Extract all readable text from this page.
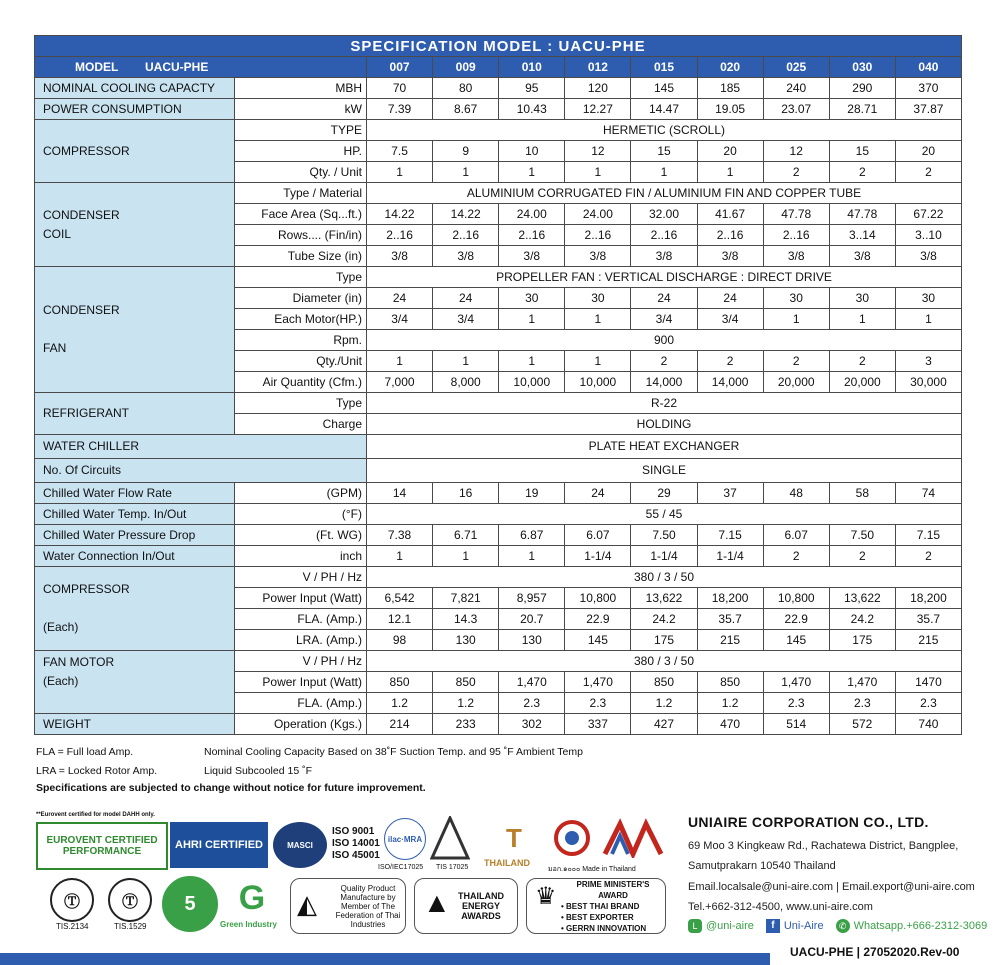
SPECIFICATION MODEL : UACU-PHE										
MODEL UACU-PHE		007	009	010	012	015	020	025	030	040
NOMINAL COOLING CAPACTY	MBH	70	80	95	120	145	185	240	290	370
POWER CONSUMPTION	kW	7.39	8.67	10.43	12.27	14.47	19.05	23.07	28.71	37.87
COMPRESSOR	TYPE	HERMETIC (SCROLL)								
	HP.	7.5	9	10	12	15	20	12	15	20
	Qty. / Unit	1	1	1	1	1	1	2	2	2
CONDENSER
COIL	Type / Material	ALUMINIUM CORRUGATED FIN / ALUMINIUM FIN AND COPPER TUBE								
	Face Area (Sq...ft.)	14.22	14.22	24.00	24.00	32.00	41.67	47.78	47.78	67.22
	Rows.... (Fin/in)	2..16	2..16	2..16	2..16	2..16	2..16	2..16	3..14	3..10
	Tube Size (in)	3/8	3/8	3/8	3/8	3/8	3/8	3/8	3/8	3/8
CONDENSER

FAN	Type	PROPELLER FAN : VERTICAL DISCHARGE : DIRECT DRIVE								
	Diameter (in)	24	24	30	30	24	24	30	30	30
	Each Motor(HP.)	3/4	3/4	1	1	3/4	3/4	1	1	1
	Rpm.	900								
	Qty./Unit	1	1	1	1	2	2	2	2	3
	Air Quantity (Cfm.)	7,000	8,000	10,000	10,000	14,000	14,000	20,000	20,000	30,000
REFRIGERANT	Type	R-22								
	Charge	HOLDING								
WATER CHILLER		PLATE HEAT EXCHANGER								
No. Of Circuits		SINGLE								
Chilled Water Flow Rate	(GPM)	14	16	19	24	29	37	48	58	74
Chilled Water Temp. In/Out	(°F)	55 / 45								
Chilled Water Pressure Drop	(Ft. WG)	7.38	6.71	6.87	6.07	7.50	7.15	6.07	7.50	7.15
Water Connection In/Out	inch	1	1	1	1-1/4	1-1/4	1-1/4	2	2	2
COMPRESSOR

(Each)	V / PH / Hz	380 / 3 / 50								
	Power Input (Watt)	6,542	7,821	8,957	10,800	13,622	18,200	10,800	13,622	18,200
	FLA. (Amp.)	12.1	14.3	20.7	22.9	24.2	35.7	22.9	24.2	35.7
	LRA. (Amp.)	98	130	130	145	175	215	145	175	215
FAN MOTOR
(Each)	V / PH / Hz	380 / 3 / 50								
	Power Input (Watt)	850	850	1,470	1,470	850	850	1,470	1,470	1470
	FLA. (Amp.)	1.2	1.2	2.3	2.3	1.2	1.2	2.3	2.3	2.3
WEIGHT	Operation (Kgs.)	214	233	302	337	427	470	514	572	740
FLA = Full load Amp.	Nominal Cooling Capacity Based on 38˚F Suction Temp. and 95 ˚F Ambient Temp
LRA = Locked Rotor Amp.	Liquid Subcooled 15 ˚F
Specifications are subjected to change without notice for future improvement.
**Eurovent certified for model DAHH only.
EUROVENT CERTIFIED PERFORMANCE
AHRI CERTIFIED	MASCI
ISO 9001
ISO 14001
ISO 45001
ilac·MRA
ISO/IEC17025 TIS 17025
T
THAILAND
มอก.๑๐๐๐ Made in Thailand
Ⓣ
TIS.2134
Ⓣ
TIS.1529
5	G
Green Industry
◭
Quality Product Manufacture by Member of The Federation of Thai Industries
▲ THAILAND ENERGY AWARDS
♛	PRIME MINISTER'S AWARD
• BEST THAI BRAND
• BEST EXPORTER
• GERRN INNOVATION
UNIAIRE CORPORATION CO., LTD.
69 Moo 3 Kingkeaw Rd., Rachatewa District, Bangplee,
Samutprakarn 10540 Thailand
Email.localsale@uni-aire.com | Email.export@uni-aire.com
Tel.+662-312-4500, www.uni-aire.com
L @uni-aire	f Uni-Aire	✆ Whatsapp.+666-2312-3069
UACU-PHE | 27052020.Rev-00
